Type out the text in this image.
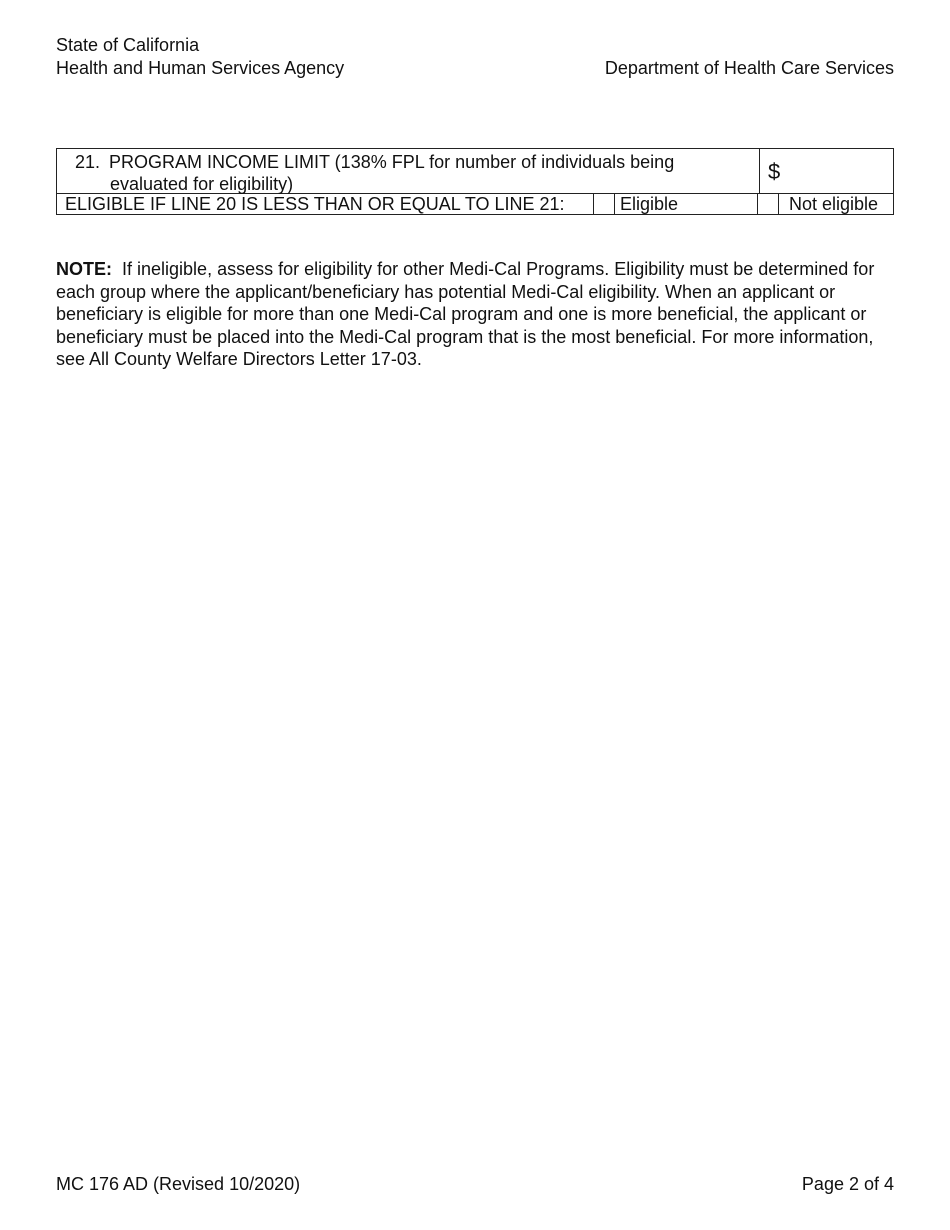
State of California
Health and Human Services Agency	Department of Health Care Services
21. PROGRAM INCOME LIMIT (138% FPL for number of individuals being
evaluated for eligibility)	$
ELIGIBLE IF LINE 20 IS LESS THAN OR EQUAL TO LINE 21:	Eligible	Not eligible
NOTE: If ineligible, assess for eligibility for other Medi-Cal Programs. Eligibility must be determined for each group where the applicant/beneficiary has potential Medi-Cal eligibility. When an applicant or beneficiary is eligible for more than one Medi-Cal program and one is more beneficial, the applicant or beneficiary must be placed into the Medi-Cal program that is the most beneficial. For more information, see All County Welfare Directors Letter 17-03.
MC 176 AD (Revised 10/2020)	Page 2 of 4
